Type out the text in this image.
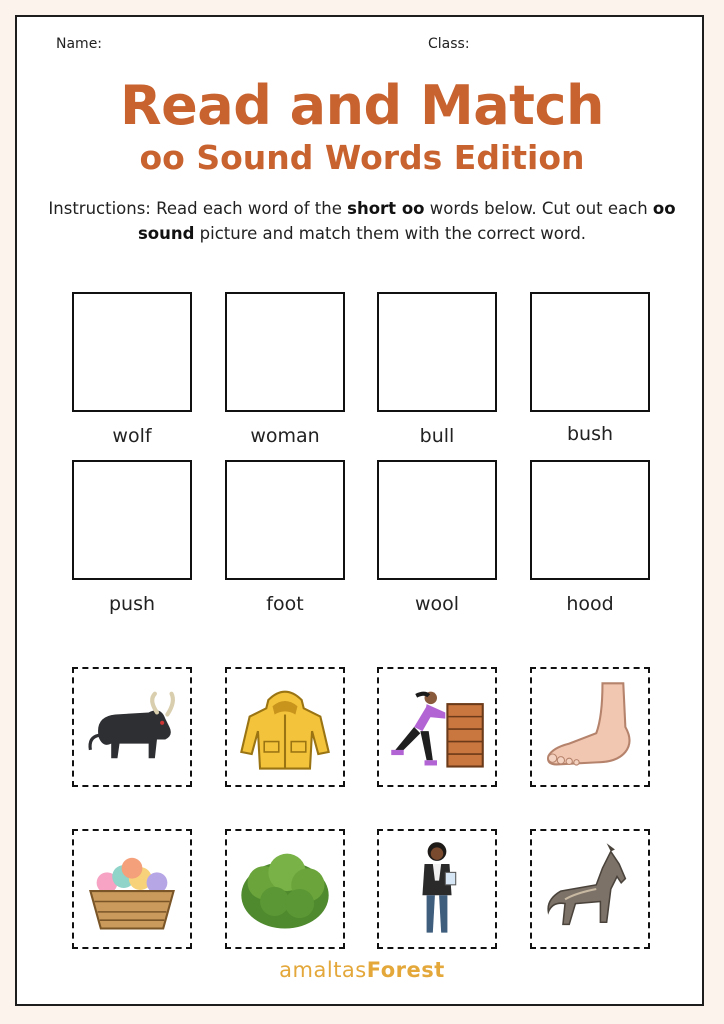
Name:	Class:
Read and Match
oo Sound Words Edition
Instructions: Read each word of the short oo words below. Cut out each oo sound picture and match them with the correct word.
wolf	woman	bull	bush
push	foot	wool	hood
amaltasForest
